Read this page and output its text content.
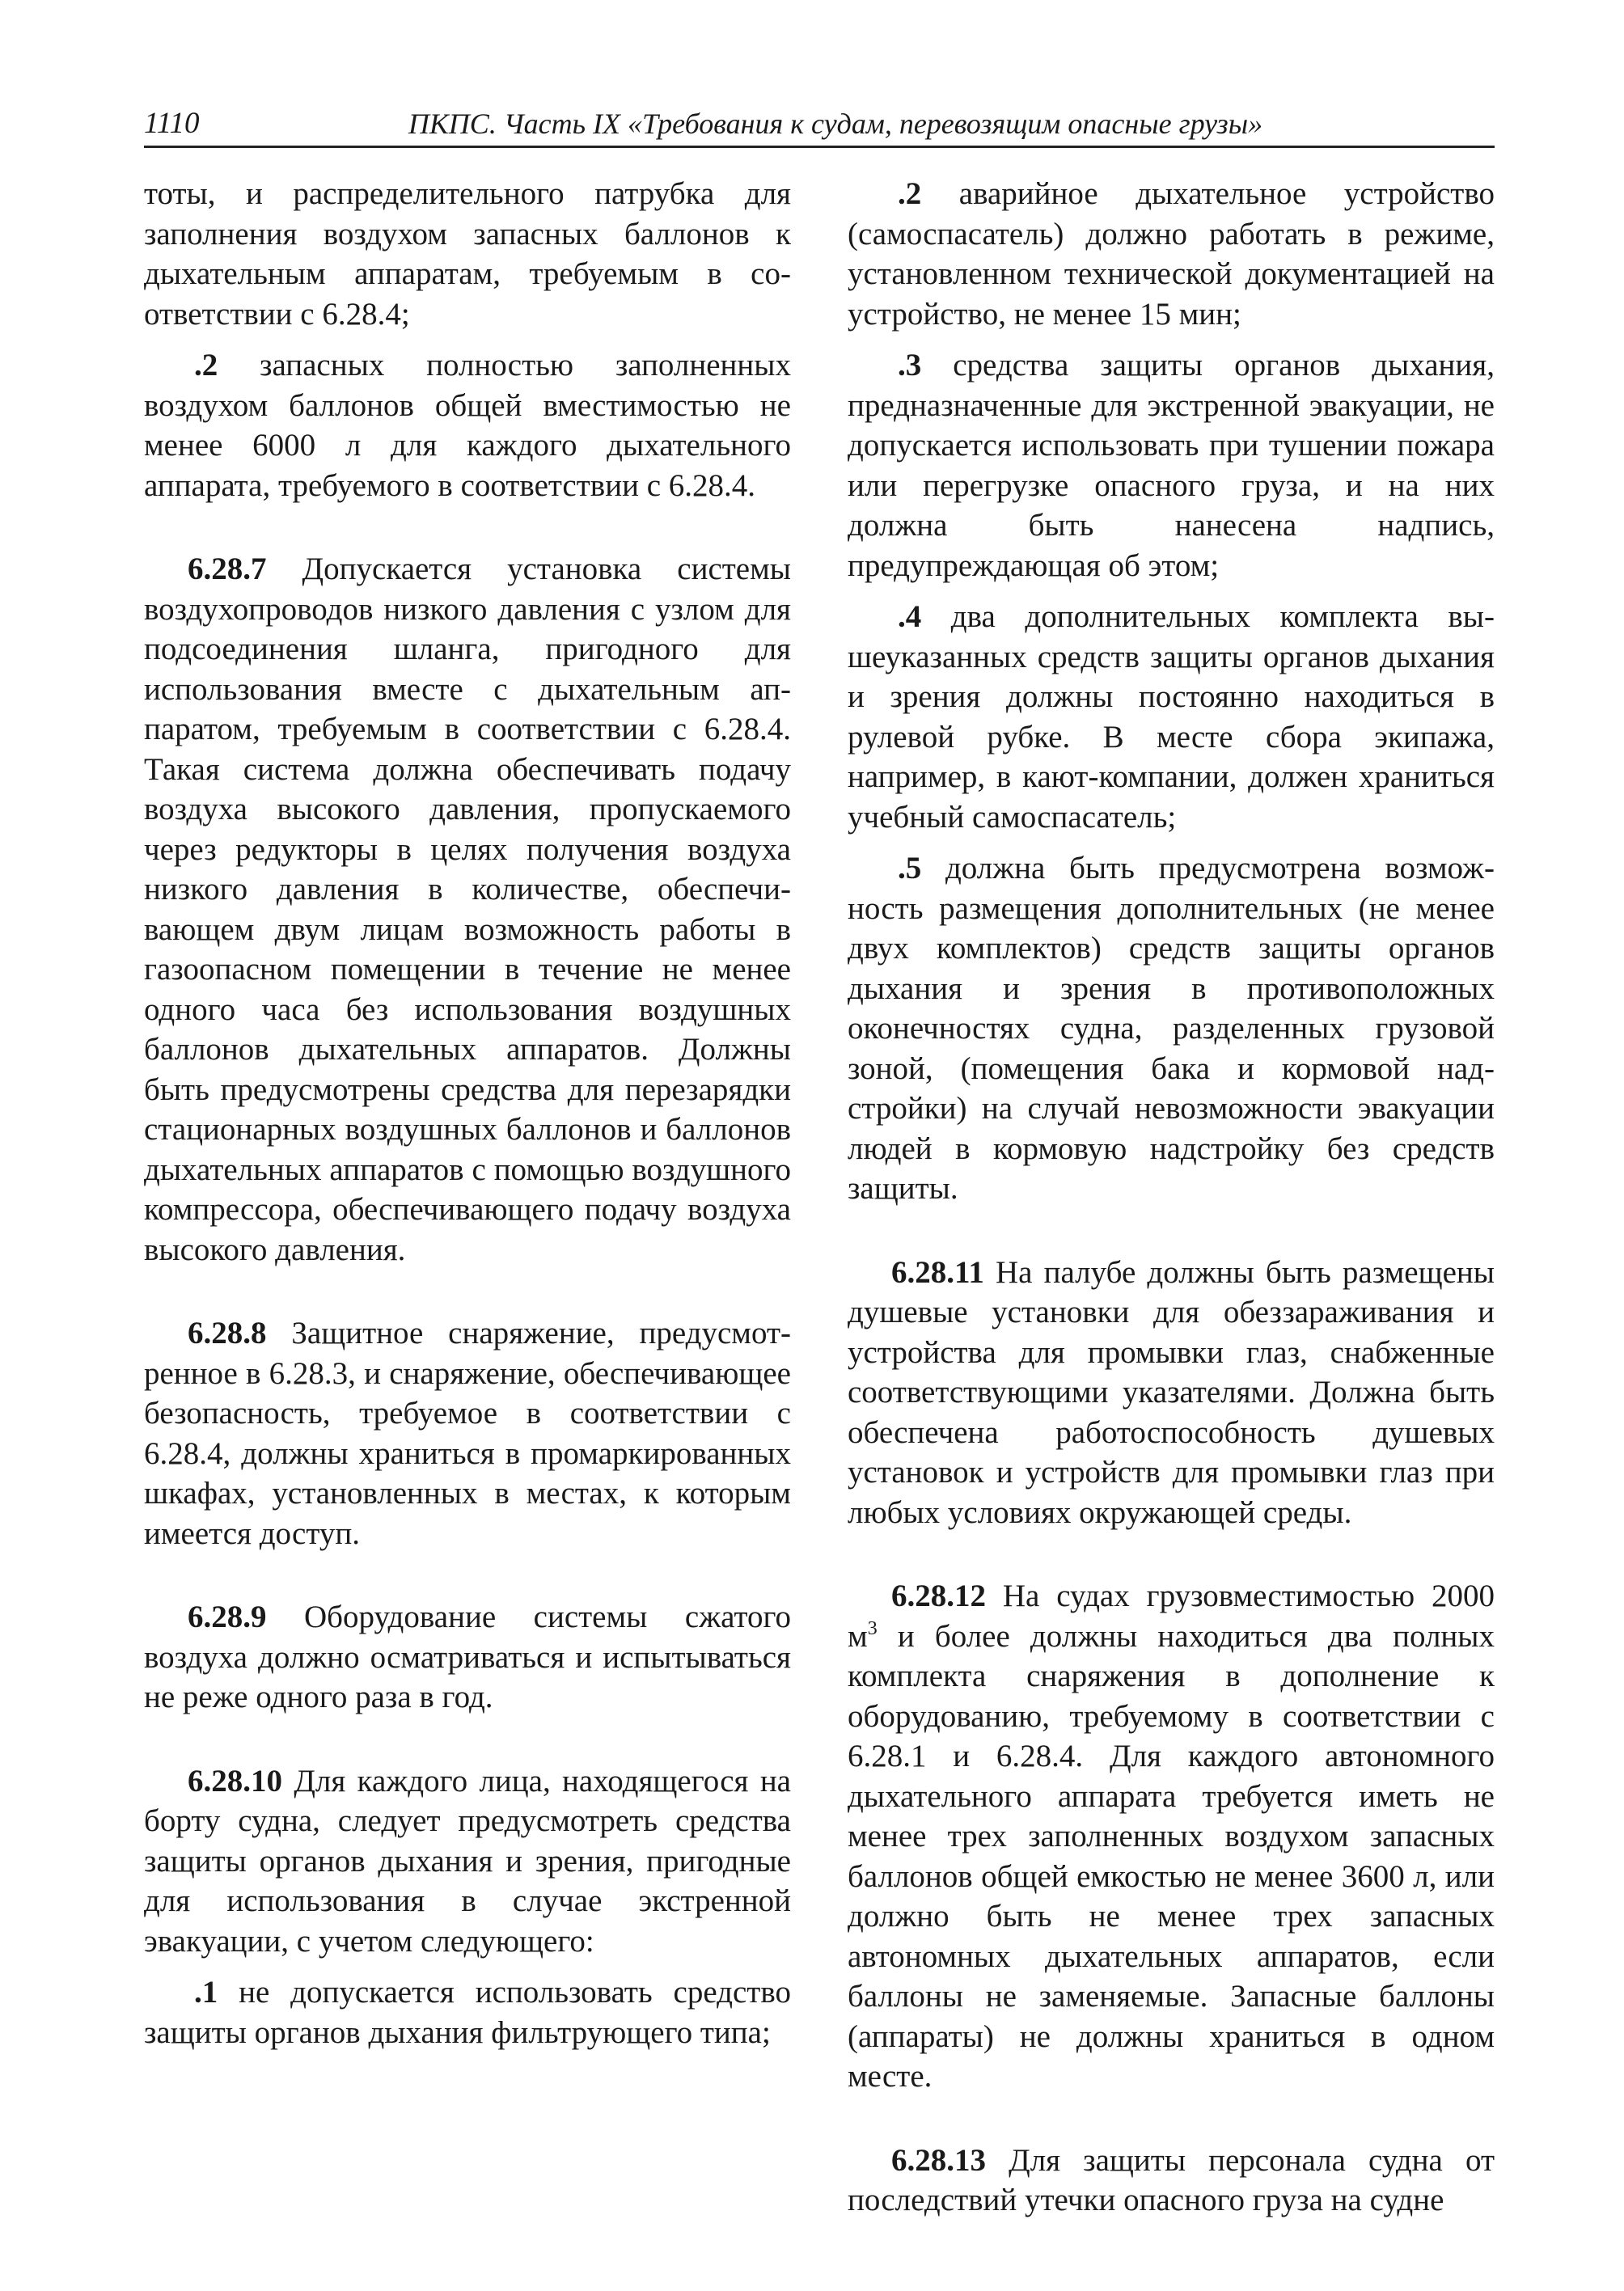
1110	ПКПС. Часть IX «Требования к судам, перевозящим опасные грузы»

тоты, и распределительного патрубка для заполнения воздухом запасных баллонов к дыхательным аппаратам, требуемым в соответствии с 6.28.4;

.2 запасных полностью заполненных воздухом баллонов общей вместимостью не менее 6000 л для каждого дыхательного аппарата, требуемого в соответствии с 6.28.4.

6.28.7 Допускается установка системы воздухопроводов низкого давления с узлом для подсоединения шланга, пригодного для использования вместе с дыхательным аппаратом, требуемым в соответствии с 6.28.4. Такая система должна обеспечивать подачу воздуха высокого давления, пропускаемого через редукторы в целях получения воздуха низкого давления в количестве, обеспечивающем двум лицам возможность работы в газоопасном помещении в течение не менее одного часа без использования воздушных баллонов дыхательных аппаратов. Должны быть предусмотрены средства для перезарядки стационарных воздушных баллонов и баллонов дыхательных аппаратов с помощью воздушного компрессора, обеспечивающего подачу воздуха высокого давления.

6.28.8 Защитное снаряжение, предусмотренное в 6.28.3, и снаряжение, обеспечивающее безопасность, требуемое в соответствии с 6.28.4, должны храниться в промаркированных шкафах, установленных в местах, к которым имеется доступ.

6.28.9 Оборудование системы сжатого воздуха должно осматриваться и испытываться не реже одного раза в год.

6.28.10 Для каждого лица, находящегося на борту судна, следует предусмотреть средства защиты органов дыхания и зрения, пригодные для использования в случае экстренной эвакуации, с учетом следующего:

.1 не допускается использовать средство защиты органов дыхания фильтрующего типа;

.2 аварийное дыхательное устройство (самоспасатель) должно работать в режиме, установленном технической документацией на устройство, не менее 15 мин;

.3 средства защиты органов дыхания, предназначенные для экстренной эвакуации, не допускается использовать при тушении пожара или перегрузке опасного груза, и на них должна быть нанесена надпись, предупреждающая об этом;

.4 два дополнительных комплекта вышеуказанных средств защиты органов дыхания и зрения должны постоянно находиться в рулевой рубке. В месте сбора экипажа, например, в кают-компании, должен храниться учебный самоспасатель;

.5 должна быть предусмотрена возможность размещения дополнительных (не менее двух комплектов) средств защиты органов дыхания и зрения в противоположных оконечностях судна, разделенных грузовой зоной, (помещения бака и кормовой надстройки) на случай невозможности эвакуации людей в кормовую надстройку без средств защиты.

6.28.11 На палубе должны быть размещены душевые установки для обеззараживания и устройства для промывки глаз, снабженные соответствующими указателями. Должна быть обеспечена работоспособность душевых установок и устройств для промывки глаз при любых условиях окружающей среды.

6.28.12 На судах грузовместимостью 2000 $м^3$ и более должны находиться два полных комплекта снаряжения в дополнение к оборудованию, требуемому в соответствии с 6.28.1 и 6.28.4. Для каждого автономного дыхательного аппарата требуется иметь не менее трех заполненных воздухом запасных баллонов общей емкостью не менее 3600 л, или должно быть не менее трех запасных автономных дыхательных аппаратов, если баллоны не заменяемые. Запасные баллоны (аппараты) не должны храниться в одном месте.

6.28.13 Для защиты персонала судна от последствий утечки опасного груза на судне
